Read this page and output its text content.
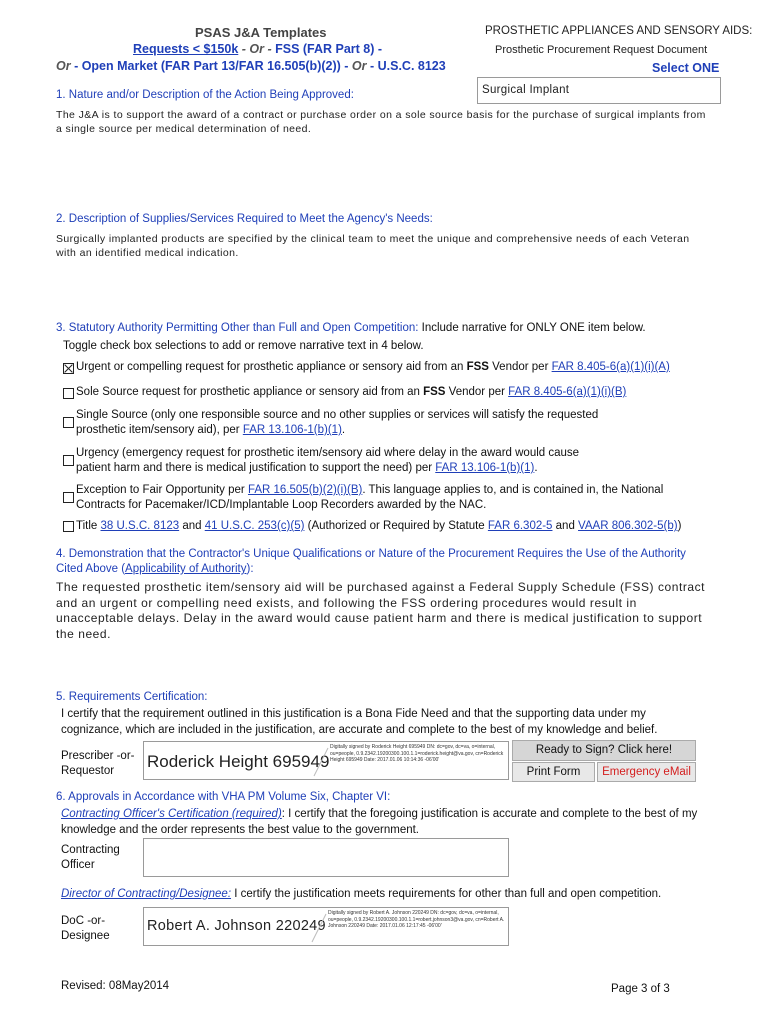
PSAS J&A Templates
Requests < $150k - Or - FSS (FAR Part 8) -
Or - Open Market (FAR Part 13/FAR 16.505(b)(2)) - Or - U.S.C. 8123
PROSTHETIC APPLIANCES AND SENSORY AIDS:
Prosthetic Procurement Request Document
Select ONE
Surgical Implant
1. Nature and/or Description of the Action Being Approved:
The J&A is to support the award of a contract or purchase order on a sole source basis for the purchase of surgical implants from a single source per medical determination of need.
2. Description of Supplies/Services Required to Meet the Agency's Needs:
Surgically implanted products are specified by the clinical team to meet the unique and comprehensive needs of each Veteran with an identified medical indication.
3. Statutory Authority Permitting Other than Full and Open Competition: Include narrative for ONLY ONE item below.
Toggle check box selections to add or remove narrative text in 4 below.
Urgent or compelling request for prosthetic appliance or sensory aid from an FSS Vendor per FAR 8.405-6(a)(1)(i)(A)
Sole Source request for prosthetic appliance or sensory aid from an FSS Vendor per FAR 8.405-6(a)(1)(i)(B)
Single Source (only one responsible source and no other supplies or services will satisfy the requested
prosthetic item/sensory aid), per FAR 13.106-1(b)(1).
Urgency (emergency request for prosthetic item/sensory aid where delay in the award would cause
patient harm and there is medical justification to support the need) per FAR 13.106-1(b)(1).
Exception to Fair Opportunity per FAR 16.505(b)(2)(i)(B). This language applies to, and is contained in, the National
Contracts for Pacemaker/ICD/Implantable Loop Recorders awarded by the NAC.
Title 38 U.S.C. 8123 and 41 U.S.C. 253(c)(5) (Authorized or Required by Statute FAR 6.302-5 and VAAR 806.302-5(b))
4. Demonstration that the Contractor's Unique Qualifications or Nature of the Procurement Requires the Use of the Authority
Cited Above (Applicability of Authority):
The requested prosthetic item/sensory aid will be purchased against a Federal Supply Schedule (FSS) contract and an urgent or compelling need exists, and following the FSS ordering procedures would result in unacceptable delays. Delay in the award would cause patient harm and there is medical justification to support the need.
5. Requirements Certification:
I certify that the requirement outlined in this justification is a Bona Fide Need and that the supporting data under my cognizance, which are included in the justification, are accurate and complete to the best of my knowledge and belief.
Prescriber -or- Requestor	Roderick Height 695949
Digitally signed by Roderick Height 695949 DN: dc=gov, dc=va, o=internal, ou=people, 0.9.2342.19200300.100.1.1=roderick.height@va.gov, cn=Roderick Height 695949 Date: 2017.01.06 10:14:36 -06'00'
Ready to Sign? Click here!
Print Form	Emergency eMail
6. Approvals in Accordance with VHA PM Volume Six, Chapter VI:
Contracting Officer's Certification (required): I certify that the foregoing justification is accurate and complete to the best of my knowledge and the order represents the best value to the government.
Contracting Officer
Director of Contracting/Designee: I certify the justification meets requirements for other than full and open competition.
DoC -or- Designee
Robert A. Johnson 220249
Digitally signed by Robert A. Johnson 220249 DN: dc=gov, dc=va, o=internal, ou=people, 0.9.2342.19200300.100.1.1=robert.johnson3@va.gov, cn=Robert A. Johnson 220249 Date: 2017.01.06 12:17:45 -06'00'
Revised: 08May2014	Page 3 of 3
